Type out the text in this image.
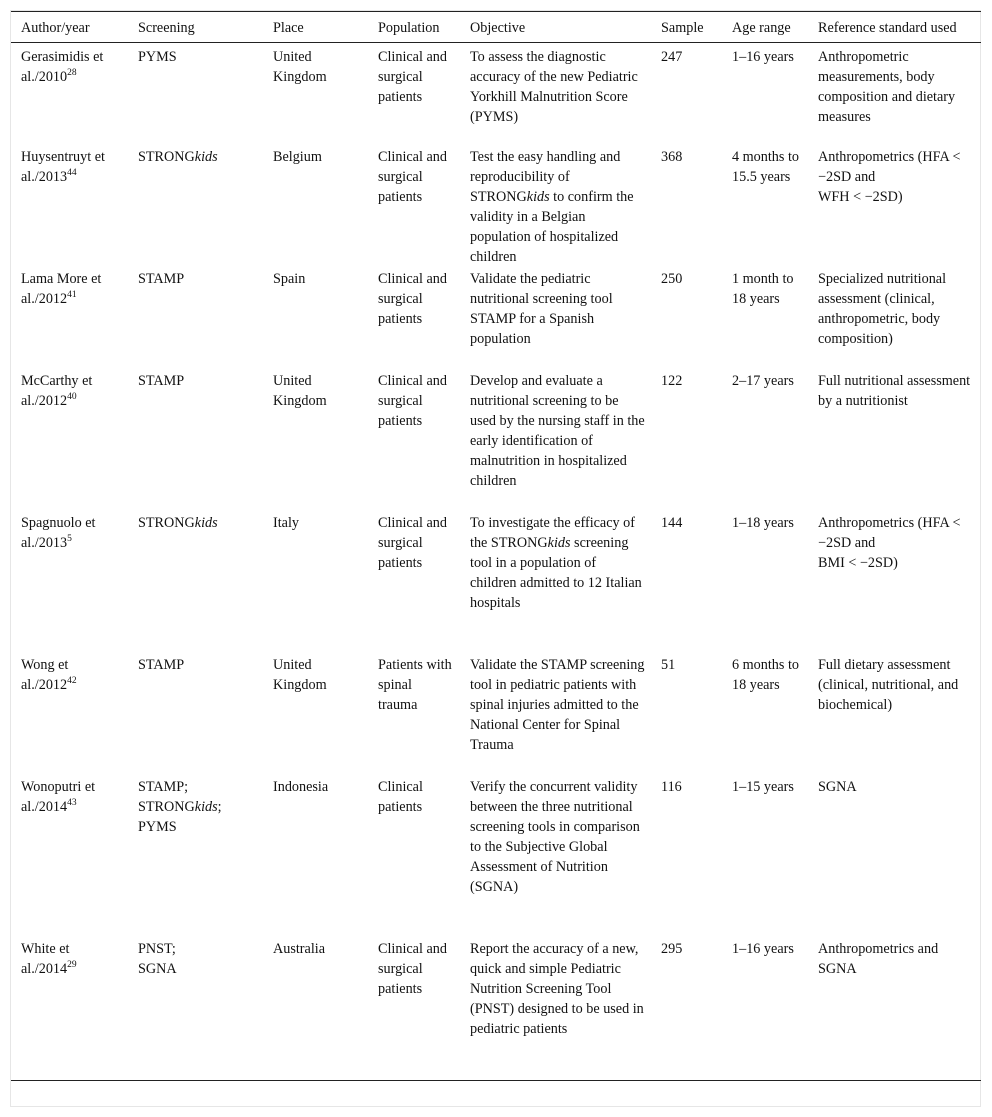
Author/year	Screening	Place	Population	Objective	Sample	Age range	Reference standard used
Gerasimidis et al./2010$^{28}$	PYMS	United Kingdom	Clinical and surgical patients	To assess the diagnostic accuracy of the new Pediatric Yorkhill Malnutrition Score (PYMS)	247	1–16 years	Anthropometric measurements, body composition and dietary measures
Huysentruyt et al./2013$^{44}$	STRONGkids	Belgium	Clinical and surgical patients	Test the easy handling and reproducibility of STRONGkids to confirm the validity in a Belgian population of hospitalized children	368	4 months to 15.5 years	Anthropometrics (HFA < −2SD and
WFH < −2SD)

Lama More et al./2012$^{41}$	STAMP	Spain	Clinical and surgical patients	Validate the pediatric nutritional screening tool STAMP for a Spanish population	250	1 month to 18 years	Specialized nutritional assessment (clinical, anthropometric, body composition)
McCarthy et al./2012$^{40}$	STAMP	United Kingdom	Clinical and surgical patients	Develop and evaluate a nutritional screening to be used by the nursing staff in the early identification of malnutrition in hospitalized children	122	2–17 years	Full nutritional assessment by a nutritionist
Spagnuolo et al./2013$^5$	STRONGkids	Italy	Clinical and surgical patients	To investigate the efficacy of the STRONGkids screening tool in a population of children admitted to 12 Italian hospitals	144	1–18 years	Anthropometrics (HFA < −2SD and
BMI < −2SD)

Wong et al./2012$^{42}$	STAMP	United Kingdom	Patients with spinal trauma	Validate the STAMP screening tool in pediatric patients with spinal injuries admitted to the National Center for Spinal Trauma	51	6 months to 18 years	Full dietary assessment (clinical, nutritional, and biochemical)
Wonoputri et al./2014$^{43}$	STAMP;
STRONGkids;
PYMS	Indonesia	Clinical patients	Verify the concurrent validity between the three nutritional screening tools in comparison to the Subjective Global Assessment of Nutrition (SGNA)	116	1–15 years	SGNA
White et al./2014$^{29}$	PNST;
SGNA	Australia	Clinical and surgical patients	Report the accuracy of a new, quick and simple Pediatric Nutrition Screening Tool (PNST) designed to be used in pediatric patients	295	1–16 years	Anthropometrics and SGNA
